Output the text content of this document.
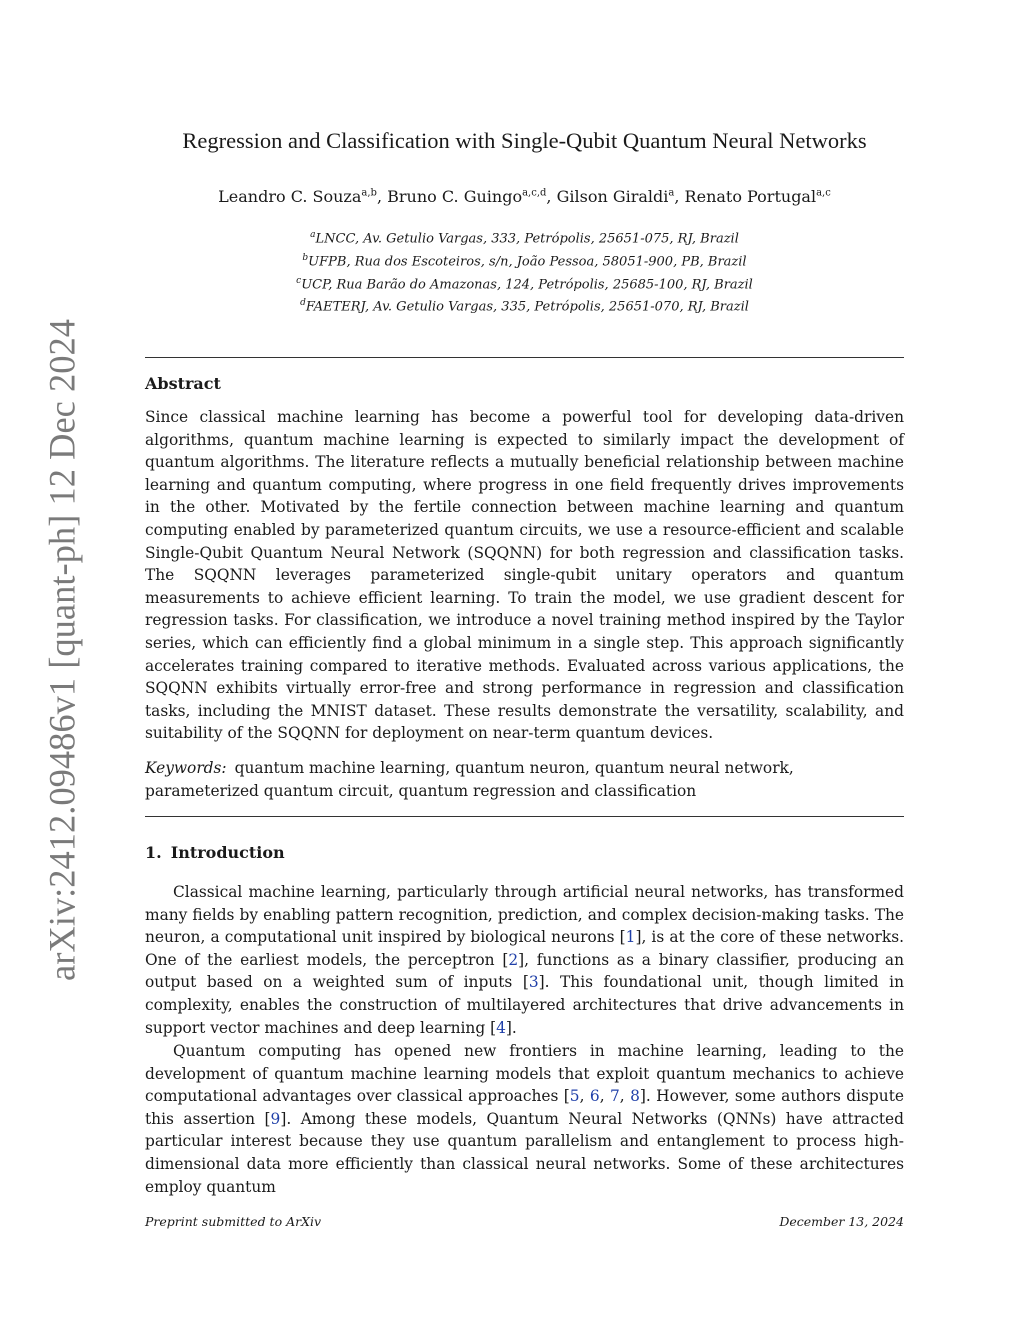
arXiv:2412.09486v1 [quant-ph] 12 Dec 2024
Regression and Classification with Single-Qubit Quantum Neural Networks
Leandro C. Souza$^{a,b}$, Bruno C. Guingo$^{a,c,d}$, Gilson Giraldi$^a$, Renato Portugal$^{a,c}$
$^a$LNCC, Av. Getulio Vargas, 333, Petrópolis, 25651-075, RJ, Brazil
$^b$UFPB, Rua dos Escoteiros, s/n, João Pessoa, 58051-900, PB, Brazil
$^c$UCP, Rua Barão do Amazonas, 124, Petrópolis, 25685-100, RJ, Brazil
$^d$FAETERJ, Av. Getulio Vargas, 335, Petrópolis, 25651-070, RJ, Brazil
Abstract

Since classical machine learning has become a powerful tool for developing data-driven algorithms, quantum machine learning is expected to similarly impact the development of quantum algorithms. The literature reflects a mutually beneficial relationship between machine learning and quantum computing, where progress in one field frequently drives improvements in the other. Motivated by the fertile connection between machine learning and quantum computing enabled by parameterized quantum circuits, we use a resource-efficient and scalable Single-Qubit Quantum Neural Network (SQQNN) for both regression and classification tasks. The SQQNN leverages parameterized single-qubit unitary operators and quantum measurements to achieve efficient learning. To train the model, we use gradient descent for regression tasks. For classification, we introduce a novel training method inspired by the Taylor series, which can efficiently find a global minimum in a single step. This approach significantly accelerates training compared to iterative methods. Evaluated across various applications, the SQQNN exhibits virtually error-free and strong performance in regression and classification tasks, including the MNIST dataset. These results demonstrate the versatility, scalability, and suitability of the SQQNN for deployment on near-term quantum devices.

Keywords: quantum machine learning, quantum neuron, quantum neural network, parameterized quantum circuit, quantum regression and classification
1. Introduction

Classical machine learning, particularly through artificial neural networks, has transformed many fields by enabling pattern recognition, prediction, and complex decision-making tasks. The neuron, a computational unit inspired by biological neurons [1], is at the core of these networks. One of the earliest models, the perceptron [2], functions as a binary classifier, producing an output based on a weighted sum of inputs [3]. This foundational unit, though limited in complexity, enables the construction of multilayered architectures that drive advancements in support vector machines and deep learning [4].

Quantum computing has opened new frontiers in machine learning, leading to the development of quantum machine learning models that exploit quantum mechanics to achieve computational advantages over classical approaches [5, 6, 7, 8]. However, some authors dispute this assertion [9]. Among these models, Quantum Neural Networks (QNNs) have attracted particular interest because they use quantum parallelism and entanglement to process high-dimensional data more efficiently than classical neural networks. Some of these architectures employ quantum

Preprint submitted to ArXiv	December 13, 2024
